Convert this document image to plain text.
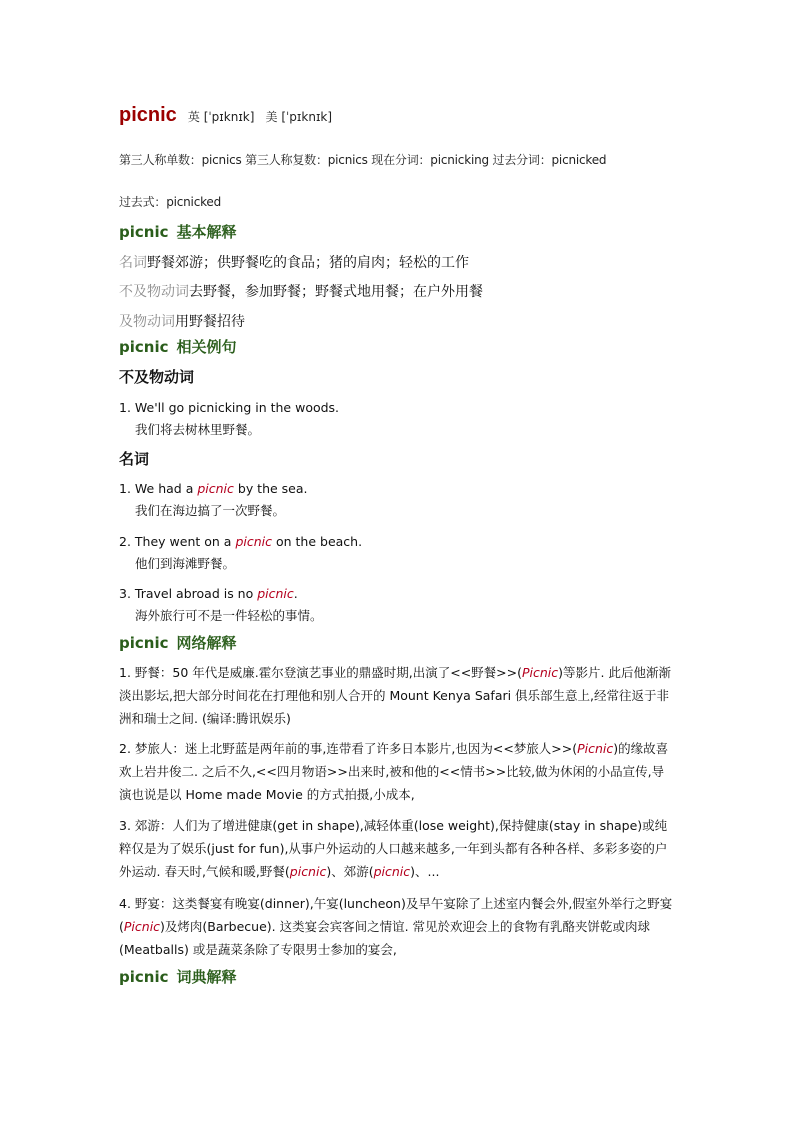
picnic 英 [ˈpɪknɪk] 美 [ˈpɪknɪk]
第三人称单数：picnics 第三人称复数：picnics 现在分词：picnicking 过去分词：picnicked
过去式：picnicked
picnic 基本解释
名词野餐郊游；供野餐吃的食品；猪的肩肉；轻松的工作
不及物动词去野餐，参加野餐；野餐式地用餐；在户外用餐
及物动词用野餐招待
picnic 相关例句
不及物动词
1. We'll go picnicking in the woods.
我们将去树林里野餐。
名词
1. We had a picnic by the sea.
我们在海边搞了一次野餐。
2. They went on a picnic on the beach.
他们到海滩野餐。
3. Travel abroad is no picnic.
海外旅行可不是一件轻松的事情。
picnic 网络解释
1. 野餐：50 年代是威廉.霍尔登演艺事业的鼎盛时期,出演了<<野餐>>(Picnic)等影片. 此后他渐渐淡出影坛,把大部分时间花在打理他和别人合开的 Mount Kenya Safari 俱乐部生意上,经常往返于非洲和瑞士之间. (编译:腾讯娱乐)
2. 梦旅人：迷上北野蓝是两年前的事,连带看了许多日本影片,也因为<<梦旅人>>(Picnic)的缘故喜欢上岩井俊二. 之后不久,<<四月物语>>出来时,被和他的<<情书>>比较,做为休闲的小品宣传,导演也说是以 Home made Movie 的方式拍摄,小成本,
3. 郊游：人们为了增进健康(get in shape),减轻体重(lose weight),保持健康(stay in shape)或纯粹仅是为了娱乐(just for fun),从事户外运动的人口越来越多,一年到头都有各种各样、多彩多姿的户外运动. 春天时,气候和暖,野餐(picnic)、郊游(picnic)、...
4. 野宴：这类餐宴有晚宴(dinner),午宴(luncheon)及早午宴除了上述室内餐会外,假室外举行之野宴(Picnic)及烤肉(Barbecue). 这类宴会宾客间之情谊. 常见於欢迎会上的食物有乳酪夹饼乾或肉球(Meatballs) 或是蔬菜条除了专限男士参加的宴会,
picnic 词典解释
